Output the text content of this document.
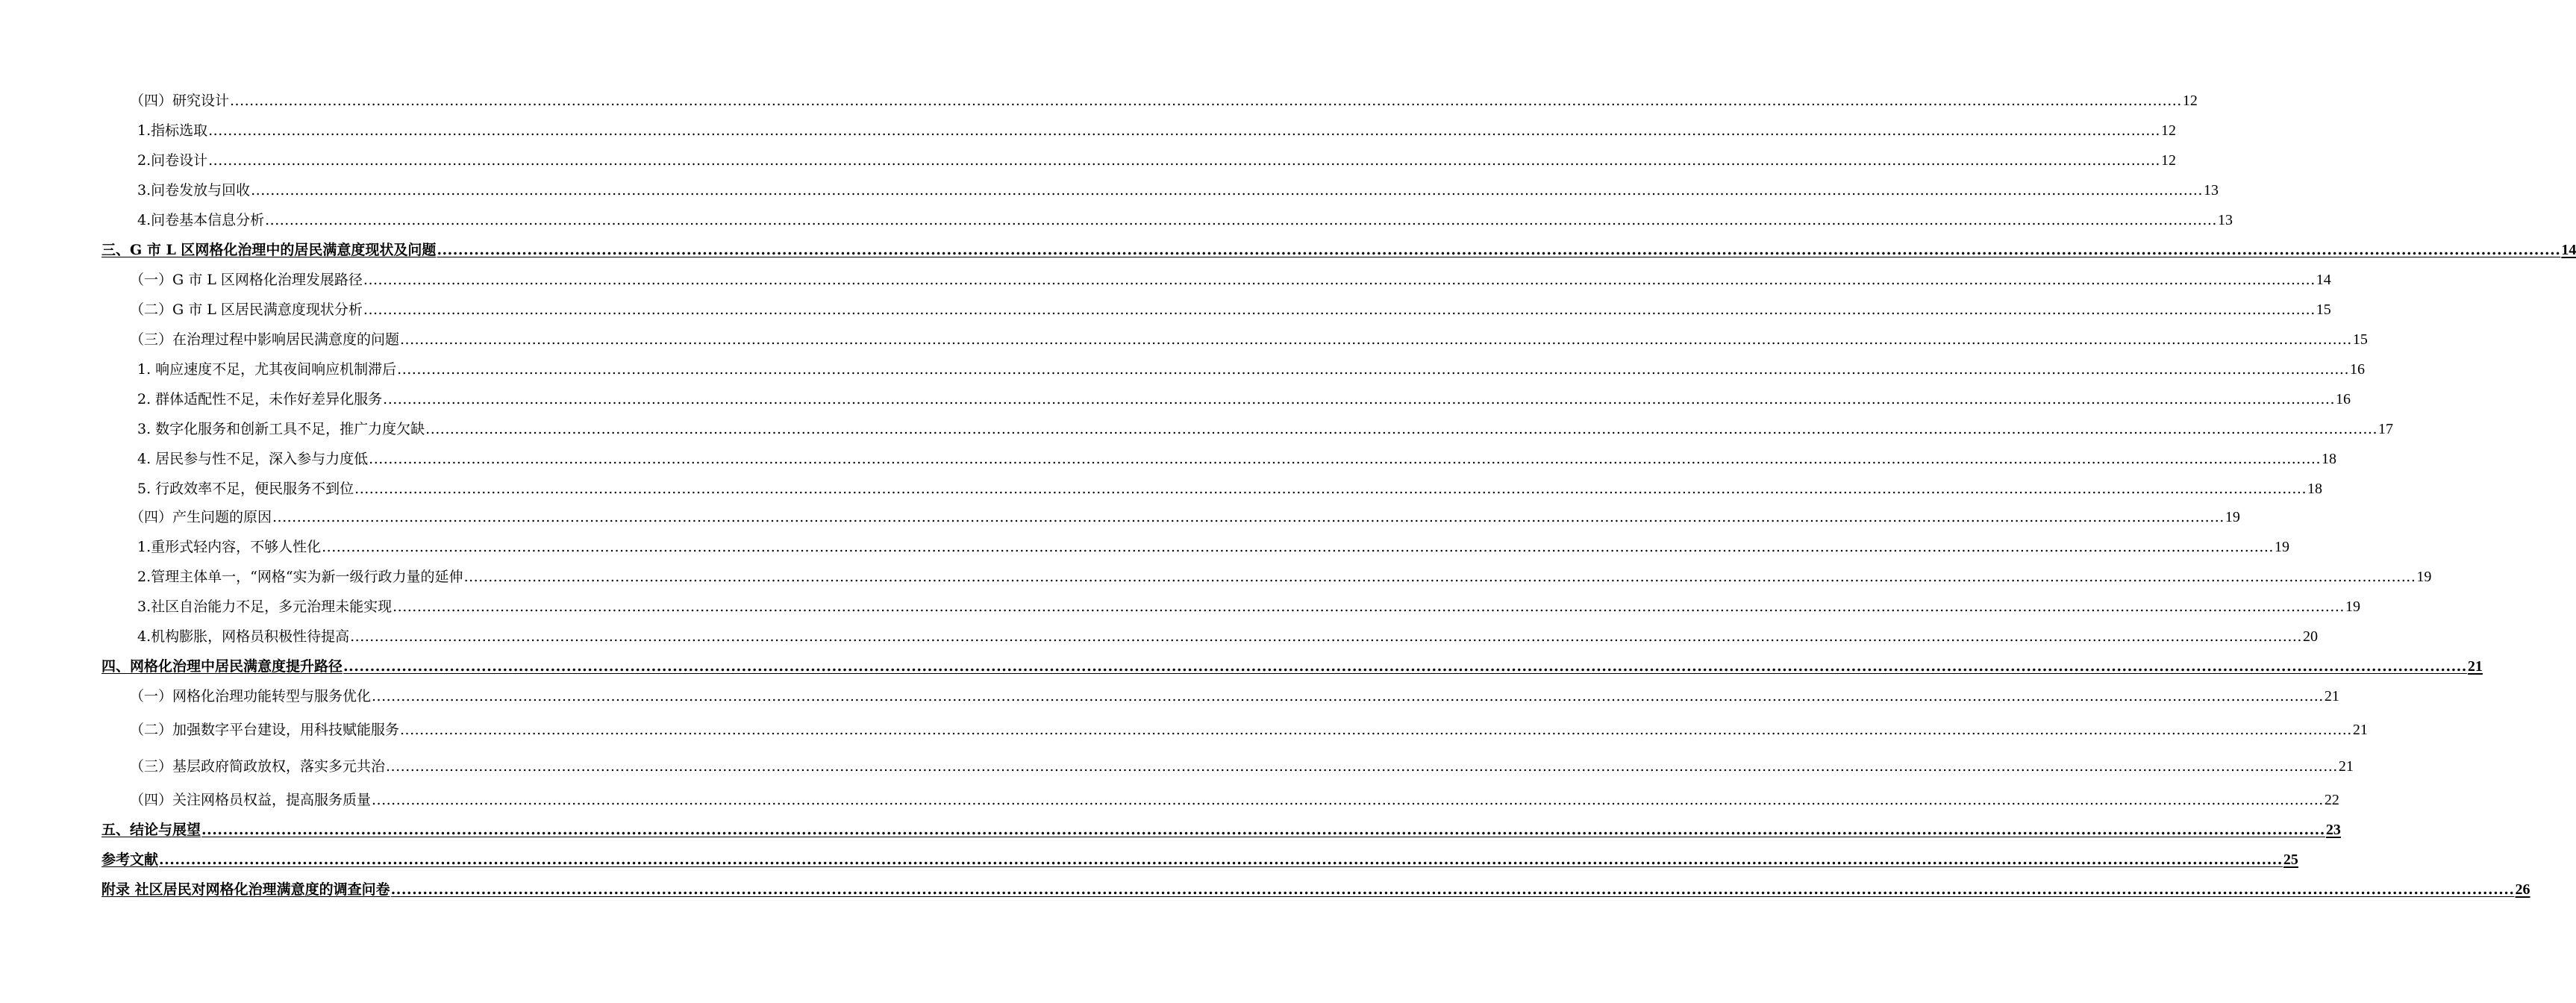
（四）研究设计 ................................................................................................................................................................................................................................................................................................................................................................................................................ 12
1.指标选取 ................................................................................................................................................................................................................................................................................................................................................................................................................ 12
2.问卷设计 ................................................................................................................................................................................................................................................................................................................................................................................................................ 12
3.问卷发放与回收 ................................................................................................................................................................................................................................................................................................................................................................................................................ 13
4.问卷基本信息分析 ................................................................................................................................................................................................................................................................................................................................................................................................................ 13
三、G 市 L 区网格化治理中的居民满意度现状及问题 ................................................................................................................................................................................................................................................................................................................................................................................................................ 14
（一）G 市 L 区网格化治理发展路径 ................................................................................................................................................................................................................................................................................................................................................................................................................ 14
（二）G 市 L 区居民满意度现状分析 ................................................................................................................................................................................................................................................................................................................................................................................................................ 15
（三）在治理过程中影响居民满意度的问题 ................................................................................................................................................................................................................................................................................................................................................................................................................ 15
1. 响应速度不足，尤其夜间响应机制滞后 ................................................................................................................................................................................................................................................................................................................................................................................................................ 16
2. 群体适配性不足，未作好差异化服务 ................................................................................................................................................................................................................................................................................................................................................................................................................ 16
3. 数字化服务和创新工具不足，推广力度欠缺 ................................................................................................................................................................................................................................................................................................................................................................................................................ 17
4. 居民参与性不足，深入参与力度低 ................................................................................................................................................................................................................................................................................................................................................................................................................ 18
5. 行政效率不足，便民服务不到位 ................................................................................................................................................................................................................................................................................................................................................................................................................ 18
（四）产生问题的原因 ................................................................................................................................................................................................................................................................................................................................................................................................................ 19
1.重形式轻内容，不够人性化 ................................................................................................................................................................................................................................................................................................................................................................................................................ 19
2.管理主体单一，“网格“实为新一级行政力量的延伸 ................................................................................................................................................................................................................................................................................................................................................................................................................ 19
3.社区自治能力不足，多元治理未能实现 ................................................................................................................................................................................................................................................................................................................................................................................................................ 19
4.机构膨胀，网格员积极性待提高 ................................................................................................................................................................................................................................................................................................................................................................................................................ 20
四、网格化治理中居民满意度提升路径 ................................................................................................................................................................................................................................................................................................................................................................................................................ 21
（一）网格化治理功能转型与服务优化 ................................................................................................................................................................................................................................................................................................................................................................................................................ 21
（二）加强数字平台建设，用科技赋能服务 ................................................................................................................................................................................................................................................................................................................................................................................................................ 21
（三）基层政府简政放权，落实多元共治 ................................................................................................................................................................................................................................................................................................................................................................................................................ 21
（四）关注网格员权益，提高服务质量 ................................................................................................................................................................................................................................................................................................................................................................................................................ 22
五、结论与展望 ................................................................................................................................................................................................................................................................................................................................................................................................................ 23
参考文献 ................................................................................................................................................................................................................................................................................................................................................................................................................ 25
附录 社区居民对网格化治理满意度的调查问卷 ................................................................................................................................................................................................................................................................................................................................................................................................................ 26
